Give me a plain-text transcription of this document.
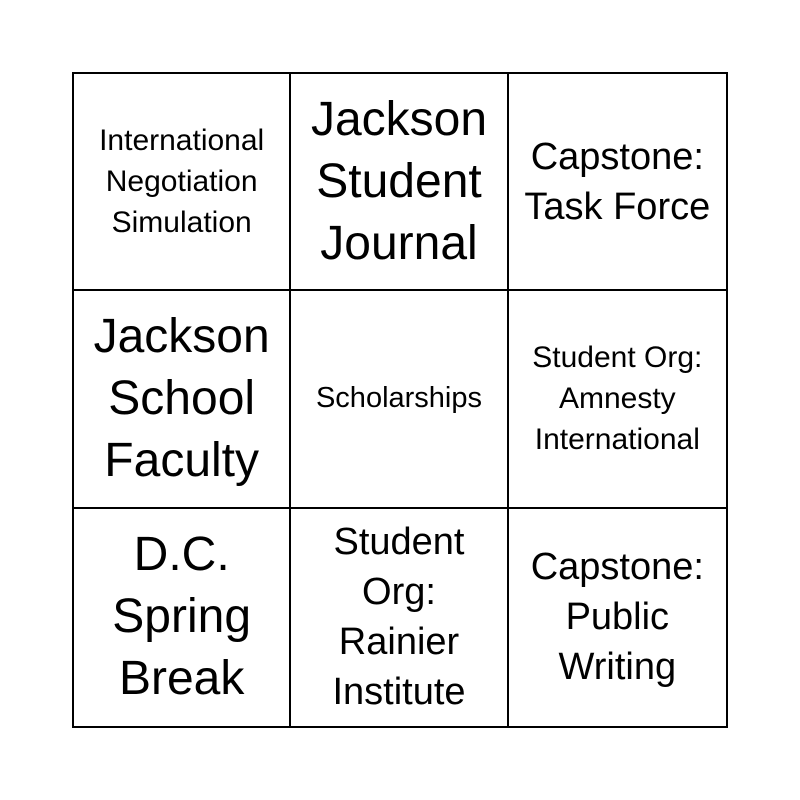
International Negotiation Simulation
Jackson Student Journal
Capstone: Task Force
Jackson School Faculty
Scholarships
Student Org: Amnesty International
D.C. Spring Break
Student Org: Rainier Institute
Capstone: Public Writing
